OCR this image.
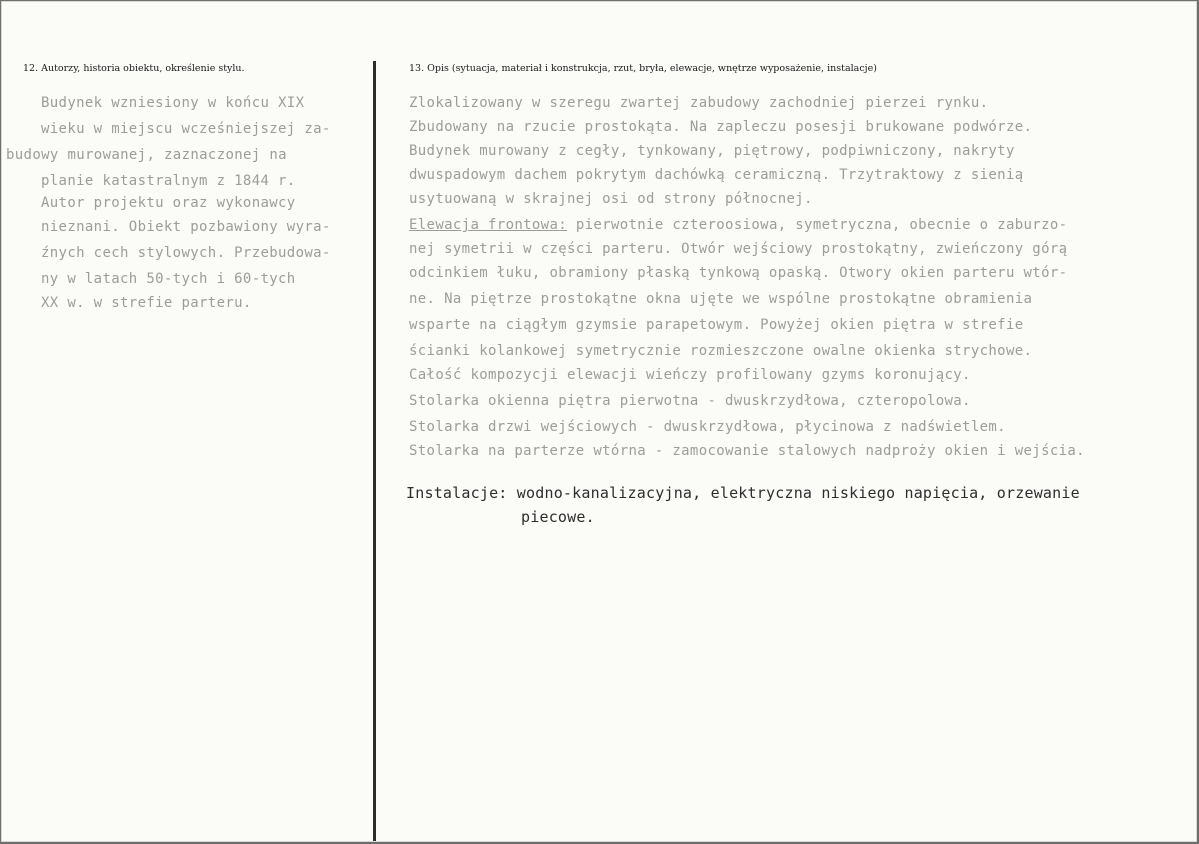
12. Autorzy, historia obiektu, określenie stylu.	13. Opis (sytuacja, materiał i konstrukcja, rzut, bryła, elewacje, wnętrze wyposażenie, instalacje)
Budynek wzniesiony w końcu XIX
wieku w miejscu wcześniejszej za-
budowy murowanej, zaznaczonej na
planie katastralnym z 1844 r.
Autor projektu oraz wykonawcy
nieznani. Obiekt pozbawiony wyra-
źnych cech stylowych. Przebudowa-
ny w latach 50-tych i 60-tych
XX w. w strefie parteru.
Zlokalizowany w szeregu zwartej zabudowy zachodniej pierzei rynku.
Zbudowany na rzucie prostokąta. Na zapleczu posesji brukowane podwórze.
Budynek murowany z cegły, tynkowany, piętrowy, podpiwniczony, nakryty
dwuspadowym dachem pokrytym dachówką ceramiczną. Trzytraktowy z sienią
usytuowaną w skrajnej osi od strony północnej.
Elewacja frontowa: pierwotnie czteroosiowa, symetryczna, obecnie o zaburzo-
nej symetrii w części parteru. Otwór wejściowy prostokątny, zwieńczony górą
odcinkiem łuku, obramiony płaską tynkową opaską. Otwory okien parteru wtór-
ne. Na piętrze prostokątne okna ujęte we wspólne prostokątne obramienia
wsparte na ciągłym gzymsie parapetowym. Powyżej okien piętra w strefie
ścianki kolankowej symetrycznie rozmieszczone owalne okienka strychowe.
Całość kompozycji elewacji wieńczy profilowany gzyms koronujący.
Stolarka okienna piętra pierwotna - dwuskrzydłowa, czteropolowa.
Stolarka drzwi wejściowych - dwuskrzydłowa, płycinowa z nadświetlem.
Stolarka na parterze wtórna - zamocowanie stalowych nadproży okien i wejścia.
Instalacje: wodno-kanalizacyjna, elektryczna niskiego napięcia, orzewanie
piecowe.
